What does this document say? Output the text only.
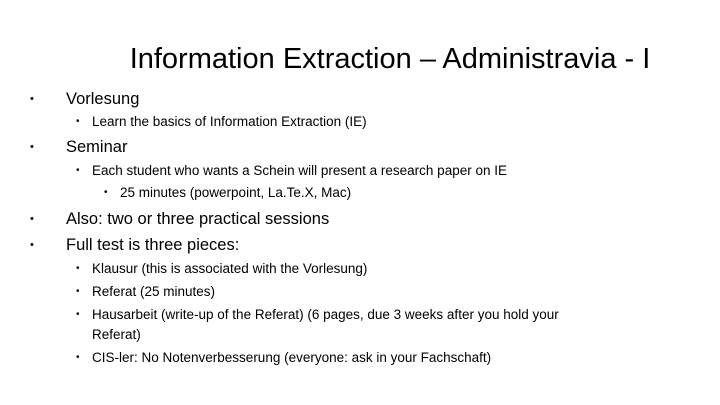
Information Extraction – Administravia - I
• Vorlesung
• Learn the basics of Information Extraction (IE)
• Seminar
• Each student who wants a Schein will present a research paper on IE
• 25 minutes (powerpoint, La.Te.X, Mac)
• Also: two or three practical sessions
• Full test is three pieces:
• Klausur (this is associated with the Vorlesung)
• Referat (25 minutes)
• Hausarbeit (write-up of the Referat) (6 pages, due 3 weeks after you hold your
Referat)
• CIS-ler: No Notenverbesserung (everyone: ask in your Fachschaft)
